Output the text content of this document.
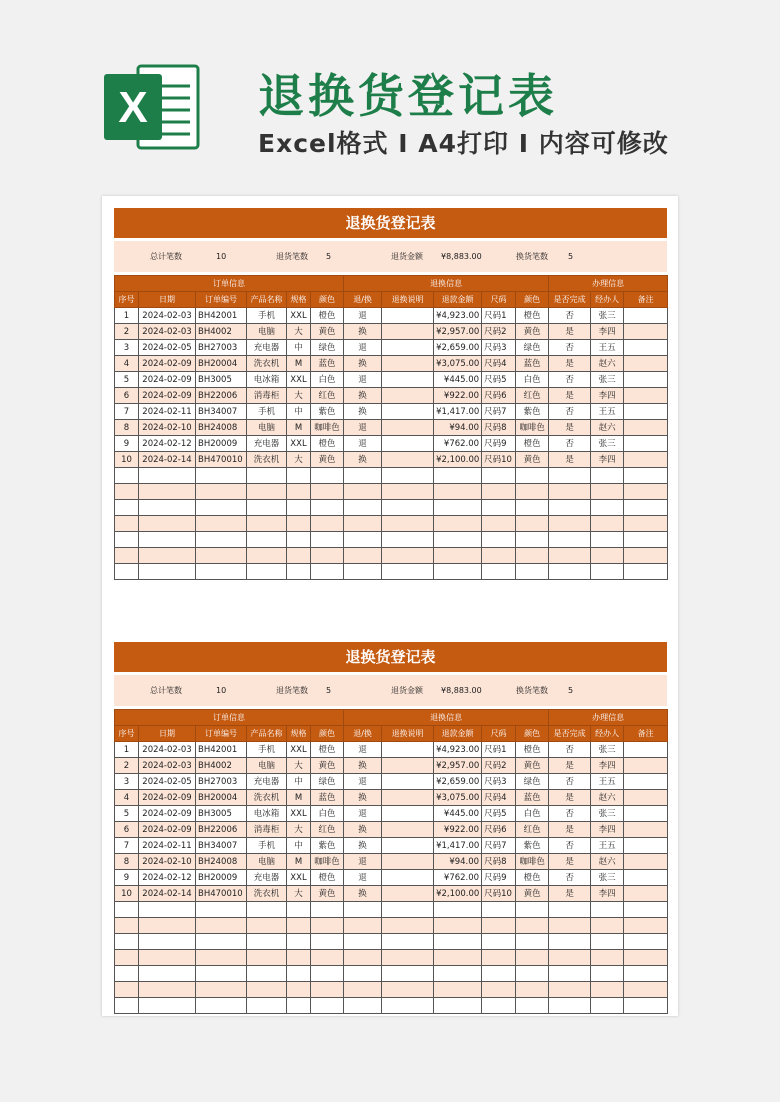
X 退换货登记表
Excel格式 I A4打印 I 内容可修改
退换货登记表
总计笔数	10	退货笔数 5	退货金额 ¥8,883.00	换货笔数	5
订单信息						退换信息					办理信息		
序号	日期	订单编号	产品名称	规格	颜色	退/换	退换说明	退款金额	尺码	颜色	是否完成	经办人	备注
1	2024-02-03	BH42001	手机	XXL	橙色	退		¥4,923.00	尺码1	橙色	否	张三	
2	2024-02-03	BH4002	电脑	大	黄色	换		¥2,957.00	尺码2	黄色	是	李四	
3	2024-02-05	BH27003	充电器	中	绿色	退		¥2,659.00	尺码3	绿色	否	王五	
4	2024-02-09	BH20004	洗衣机	M	蓝色	换		¥3,075.00	尺码4	蓝色	是	赵六	
5	2024-02-09	BH3005	电冰箱	XXL	白色	退		¥445.00	尺码5	白色	否	张三	
6	2024-02-09	BH22006	消毒柜	大	红色	换		¥922.00	尺码6	红色	是	李四	
7	2024-02-11	BH34007	手机	中	紫色	换		¥1,417.00	尺码7	紫色	否	王五	
8	2024-02-10	BH24008	电脑	M	咖啡色	退		¥94.00	尺码8	咖啡色	是	赵六	
9	2024-02-12	BH20009	充电器	XXL	橙色	退		¥762.00	尺码9	橙色	否	张三	
10	2024-02-14	BH470010	洗衣机	大	黄色	换		¥2,100.00	尺码10	黄色	是	李四	

退换货登记表
总计笔数	10	退货笔数 5	退货金额 ¥8,883.00	换货笔数	5
订单信息						退换信息					办理信息		
序号	日期	订单编号	产品名称	规格	颜色	退/换	退换说明	退款金额	尺码	颜色	是否完成	经办人	备注
1	2024-02-03	BH42001	手机	XXL	橙色	退		¥4,923.00	尺码1	橙色	否	张三	
2	2024-02-03	BH4002	电脑	大	黄色	换		¥2,957.00	尺码2	黄色	是	李四	
3	2024-02-05	BH27003	充电器	中	绿色	退		¥2,659.00	尺码3	绿色	否	王五	
4	2024-02-09	BH20004	洗衣机	M	蓝色	换		¥3,075.00	尺码4	蓝色	是	赵六	
5	2024-02-09	BH3005	电冰箱	XXL	白色	退		¥445.00	尺码5	白色	否	张三	
6	2024-02-09	BH22006	消毒柜	大	红色	换		¥922.00	尺码6	红色	是	李四	
7	2024-02-11	BH34007	手机	中	紫色	换		¥1,417.00	尺码7	紫色	否	王五	
8	2024-02-10	BH24008	电脑	M	咖啡色	退		¥94.00	尺码8	咖啡色	是	赵六	
9	2024-02-12	BH20009	充电器	XXL	橙色	退		¥762.00	尺码9	橙色	否	张三	
10	2024-02-14	BH470010	洗衣机	大	黄色	换		¥2,100.00	尺码10	黄色	是	李四	
